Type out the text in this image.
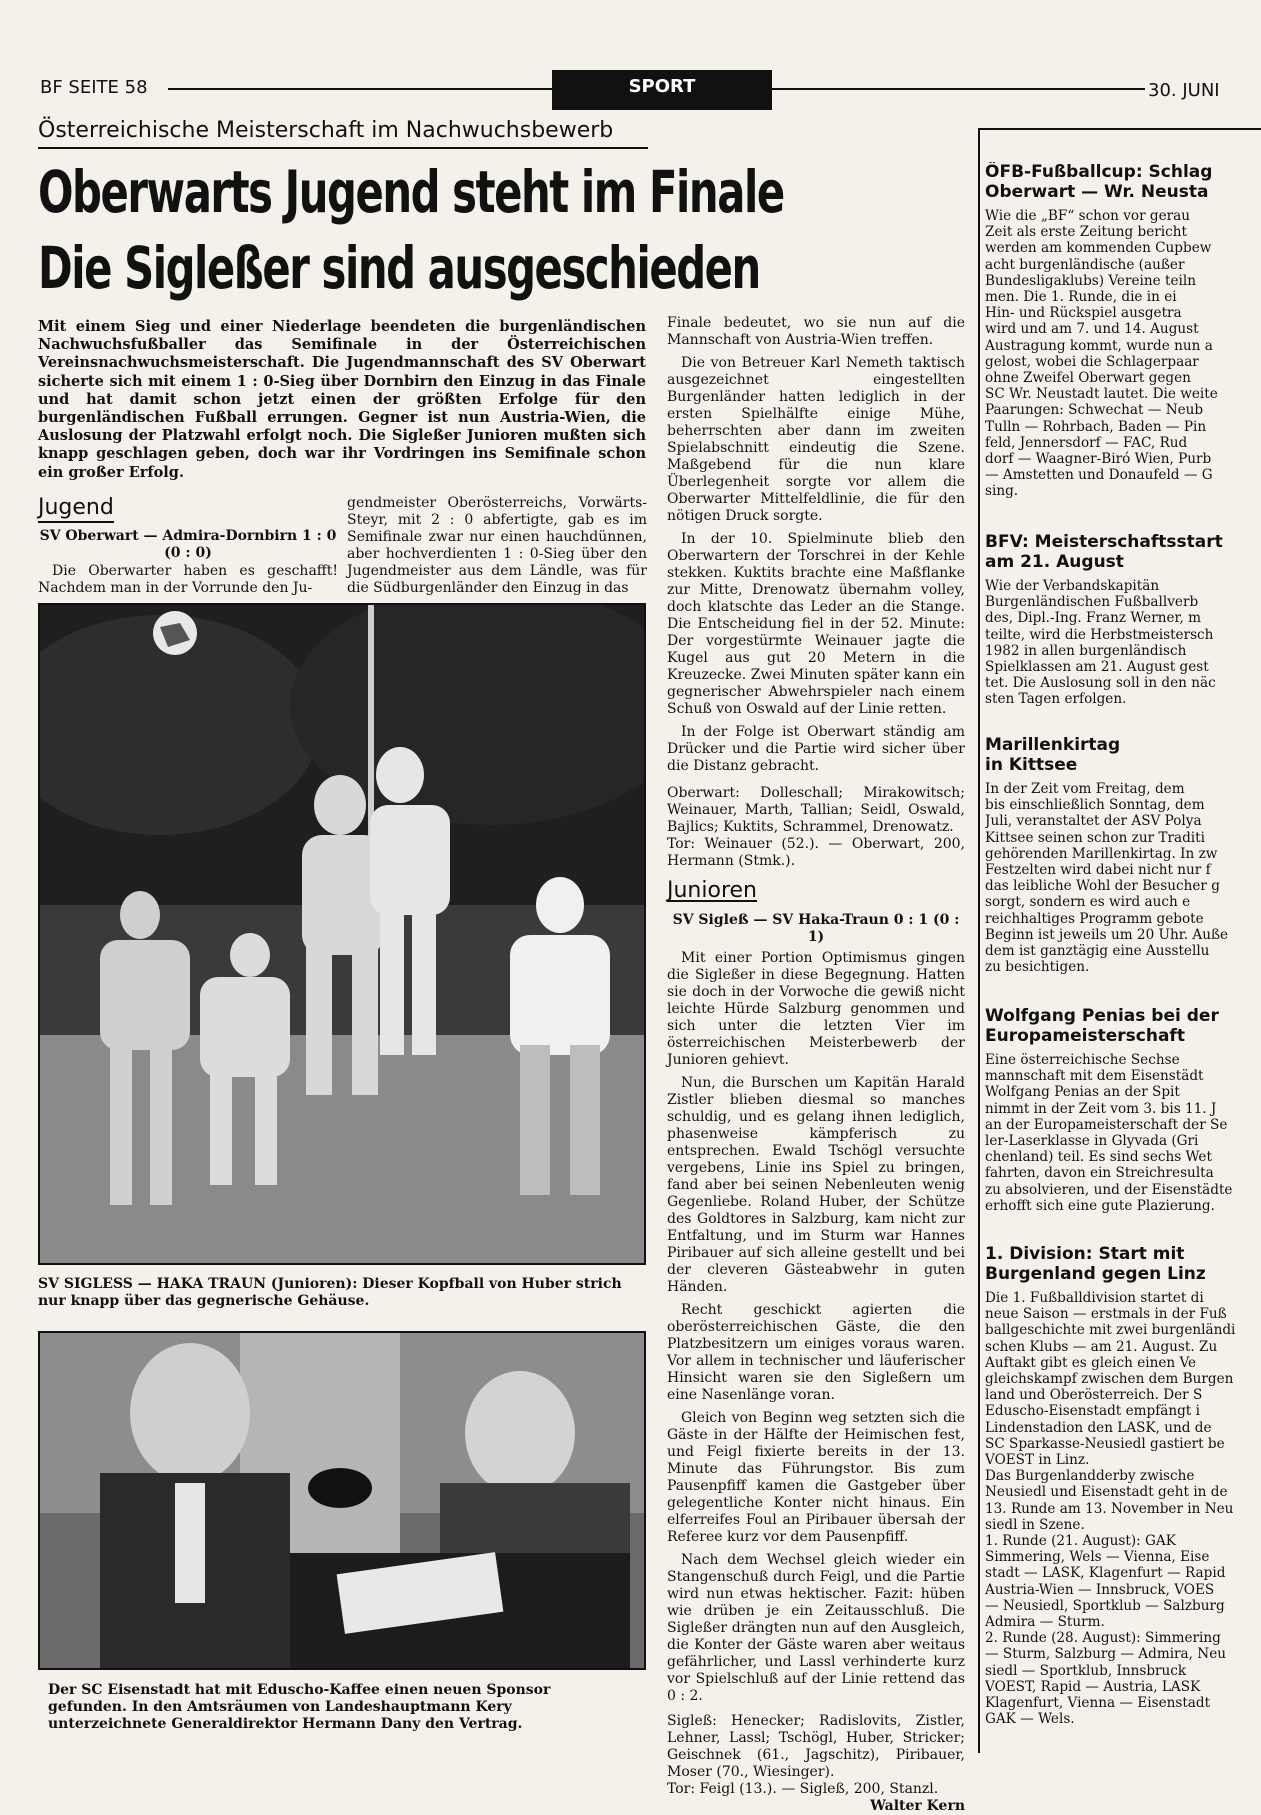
BF SEITE 58	SPORT	30. JUNI
Österreichische Meisterschaft im Nachwuchsbewerb
Oberwarts Jugend steht im Finale
Die Siglеßer sind ausgeschieden
Mit einem Sieg und einer Niederlage beendeten die burgenländischen Nachwuchsfußballer das Semifinale in der Österreichischen Vereinsnachwuchsmeisterschaft. Die Jugendmannschaft des SV Oberwart sicherte sich mit einem 1 : 0-Sieg über Dornbirn den Einzug in das Finale und hat damit schon jetzt einen der größten Erfolge für den burgenländischen Fußball errungen. Gegner ist nun Austria-Wien, die Auslosung der Platzwahl erfolgt noch. Die Sigleßer Junioren mußten sich knapp geschlagen geben, doch war ihr Vordringen ins Semifinale schon ein großer Erfolg.
Jugend
SV Oberwart — Admira-Dornbirn 1 : 0
(0 : 0)

Die Oberwarter haben es geschafft! Nachdem man in der Vorrunde den Ju-

gendmeister Oberösterreichs, Vorwärts-Steyr, mit 2 : 0 abfertigte, gab es im Semifinale zwar nur einen hauchdünnen, aber hochverdienten 1 : 0-Sieg über den Jugendmeister aus dem Ländle, was für die Südburgenländer den Einzug in das

SV SIGLESS — HAKA TRAUN (Junioren): Dieser Kopfball von Huber strich nur knapp über das gegnerische Gehäuse.
Der SC Eisenstadt hat mit Eduscho-Kaffee einen neuen Sponsor gefunden. In den Amtsräumen von Landeshauptmann Kery unterzeichnete Generaldirektor Hermann Dany den Vertrag.

Finale bedeutet, wo sie nun auf die Mannschaft von Austria-Wien treffen.

Die von Betreuer Karl Nemeth taktisch ausgezeichnet eingestellten Burgenländer hatten lediglich in der ersten Spielhälfte einige Mühe, beherrschten aber dann im zweiten Spielabschnitt eindeutig die Szene. Maßgebend für die nun klare Überlegenheit sorgte vor allem die Oberwarter Mittelfeldlinie, die für den nötigen Druck sorgte.

In der 10. Spielminute blieb den Oberwartern der Torschrei in der Kehle stekken. Kuktits brachte eine Maßflanke zur Mitte, Drenowatz übernahm volley, doch klatschte das Leder an die Stange. Die Entscheidung fiel in der 52. Minute: Der vorgestürmte Weinauer jagte die Kugel aus gut 20 Metern in die Kreuzecke. Zwei Minuten später kann ein gegnerischer Abwehrspieler nach einem Schuß von Oswald auf der Linie retten.

In der Folge ist Oberwart ständig am Drücker und die Partie wird sicher über die Distanz gebracht.

Oberwart: Dolleschall; Mirakowitsch; Weinauer, Marth, Tallian; Seidl, Oswald, Bajlics; Kuktits, Schrammel, Drenowatz.

Tor: Weinauer (52.). — Oberwart, 200, Hermann (Stmk.).

Junioren
SV Sigleß — SV Haka-Traun 0 : 1 (0 : 1)

Mit einer Portion Optimismus gingen die Sigleßer in diese Begegnung. Hatten sie doch in der Vorwoche die gewiß nicht leichte Hürde Salzburg genommen und sich unter die letzten Vier im österreichischen Meisterbewerb der Junioren gehievt.

Nun, die Burschen um Kapitän Harald Zistler blieben diesmal so manches schuldig, und es gelang ihnen lediglich, phasenweise kämpferisch zu entsprechen. Ewald Tschögl versuchte vergebens, Linie ins Spiel zu bringen, fand aber bei seinen Nebenleuten wenig Gegenliebe. Roland Huber, der Schütze des Goldtores in Salzburg, kam nicht zur Entfaltung, und im Sturm war Hannes Piribauer auf sich alleine gestellt und bei der cleveren Gästeabwehr in guten Händen.

Recht geschickt agierten die oberösterreichischen Gäste, die den Platzbesitzern um einiges voraus waren. Vor allem in technischer und läuferischer Hinsicht waren sie den Sigleßern um eine Nasenlänge voran.

Gleich von Beginn weg setzten sich die Gäste in der Hälfte der Heimischen fest, und Feigl fixierte bereits in der 13. Minute das Führungstor. Bis zum Pausenpfiff kamen die Gastgeber über gelegentliche Konter nicht hinaus. Ein elferreifes Foul an Piribauer übersah der Referee kurz vor dem Pausenpfiff.

Nach dem Wechsel gleich wieder ein Stangenschuß durch Feigl, und die Partie wird nun etwas hektischer. Fazit: hüben wie drüben je ein Zeitausschluß. Die Sigleßer drängten nun auf den Ausgleich, die Konter der Gäste waren aber weitaus gefährlicher, und Lassl verhinderte kurz vor Spielschluß auf der Linie rettend das 0 : 2.

Sigleß: Henecker; Radislovits, Zistler, Lehner, Lassl; Tschögl, Huber, Stricker; Geischnek (61., Jagschitz), Piribauer, Moser (70., Wiesinger).

Tor: Feigl (13.). — Sigleß, 200, Stanzl.

Walter Kern
ÖFB-Fußballcup: Schlag
Oberwart — Wr. Neusta
Wie die „BF“ schon vor gerau
Zeit als erste Zeitung bericht
werden am kommenden Cupbew
acht burgenländische (außer
Bundesligaklubs) Vereine teiln
men. Die 1. Runde, die in ei
Hin- und Rückspiel ausgetra
wird und am 7. und 14. August
Austragung kommt, wurde nun a
gelost, wobei die Schlagerpaar
ohne Zweifel Oberwart gegen
SC Wr. Neustadt lautet. Die weite
Paarungen: Schwechat — Neub
Tulln — Rohrbach, Baden — Pin
feld, Jennersdorf — FAC, Rud
dorf — Waagner-Biró Wien, Purb
— Amstetten und Donaufeld — G
sing.
BFV: Meisterschaftsstart
am 21. August
Wie der Verbandskapitän
Burgenländischen Fußballverb
des, Dipl.-Ing. Franz Werner, m
teilte, wird die Herbstmeistersch
1982 in allen burgenländisch
Spielklassen am 21. August gest
tet. Die Auslosung soll in den näc
sten Tagen erfolgen.
Marillenkirtag
in Kittsee
In der Zeit vom Freitag, dem
bis einschließlich Sonntag, dem
Juli, veranstaltet der ASV Polya
Kittsee seinen schon zur Traditi
gehörenden Marillenkirtag. In zw
Festzelten wird dabei nicht nur f
das leibliche Wohl der Besucher g
sorgt, sondern es wird auch e
reichhaltiges Programm gebote
Beginn ist jeweils um 20 Uhr. Auße
dem ist ganztägig eine Ausstellu
zu besichtigen.
Wolfgang Penias bei der
Europameisterschaft
Eine österreichische Sechse
mannschaft mit dem Eisenstädt
Wolfgang Penias an der Spit
nimmt in der Zeit vom 3. bis 11. J
an der Europameisterschaft der Se
ler-Laserklasse in Glyvada (Gri
chenland) teil. Es sind sechs Wet
fahrten, davon ein Streichresulta
zu absolvieren, und der Eisenstädte
erhofft sich eine gute Plazierung.
1. Division: Start mit
Burgenland gegen Linz
Die 1. Fußballdivision startet di
neue Saison — erstmals in der Fuß
ballgeschichte mit zwei burgenländi
schen Klubs — am 21. August. Zu
Auftakt gibt es gleich einen Ve
gleichskampf zwischen dem Burgen
land und Oberösterreich. Der S
Eduscho-Eisenstadt empfängt i
Lindenstadion den LASK, und de
SC Sparkasse-Neusiedl gastiert be
VOEST in Linz.
Das Burgenlandderby zwische
Neusiedl und Eisenstadt geht in de
13. Runde am 13. November in Neu
siedl in Szene.
1. Runde (21. August): GAK
Simmering, Wels — Vienna, Eise
stadt — LASK, Klagenfurt — Rapid
Austria-Wien — Innsbruck, VOES
— Neusiedl, Sportklub — Salzburg
Admira — Sturm.
2. Runde (28. August): Simmering
— Sturm, Salzburg — Admira, Neu
siedl — Sportklub, Innsbruck
VOEST, Rapid — Austria, LASK
Klagenfurt, Vienna — Eisenstadt
GAK — Wels.
